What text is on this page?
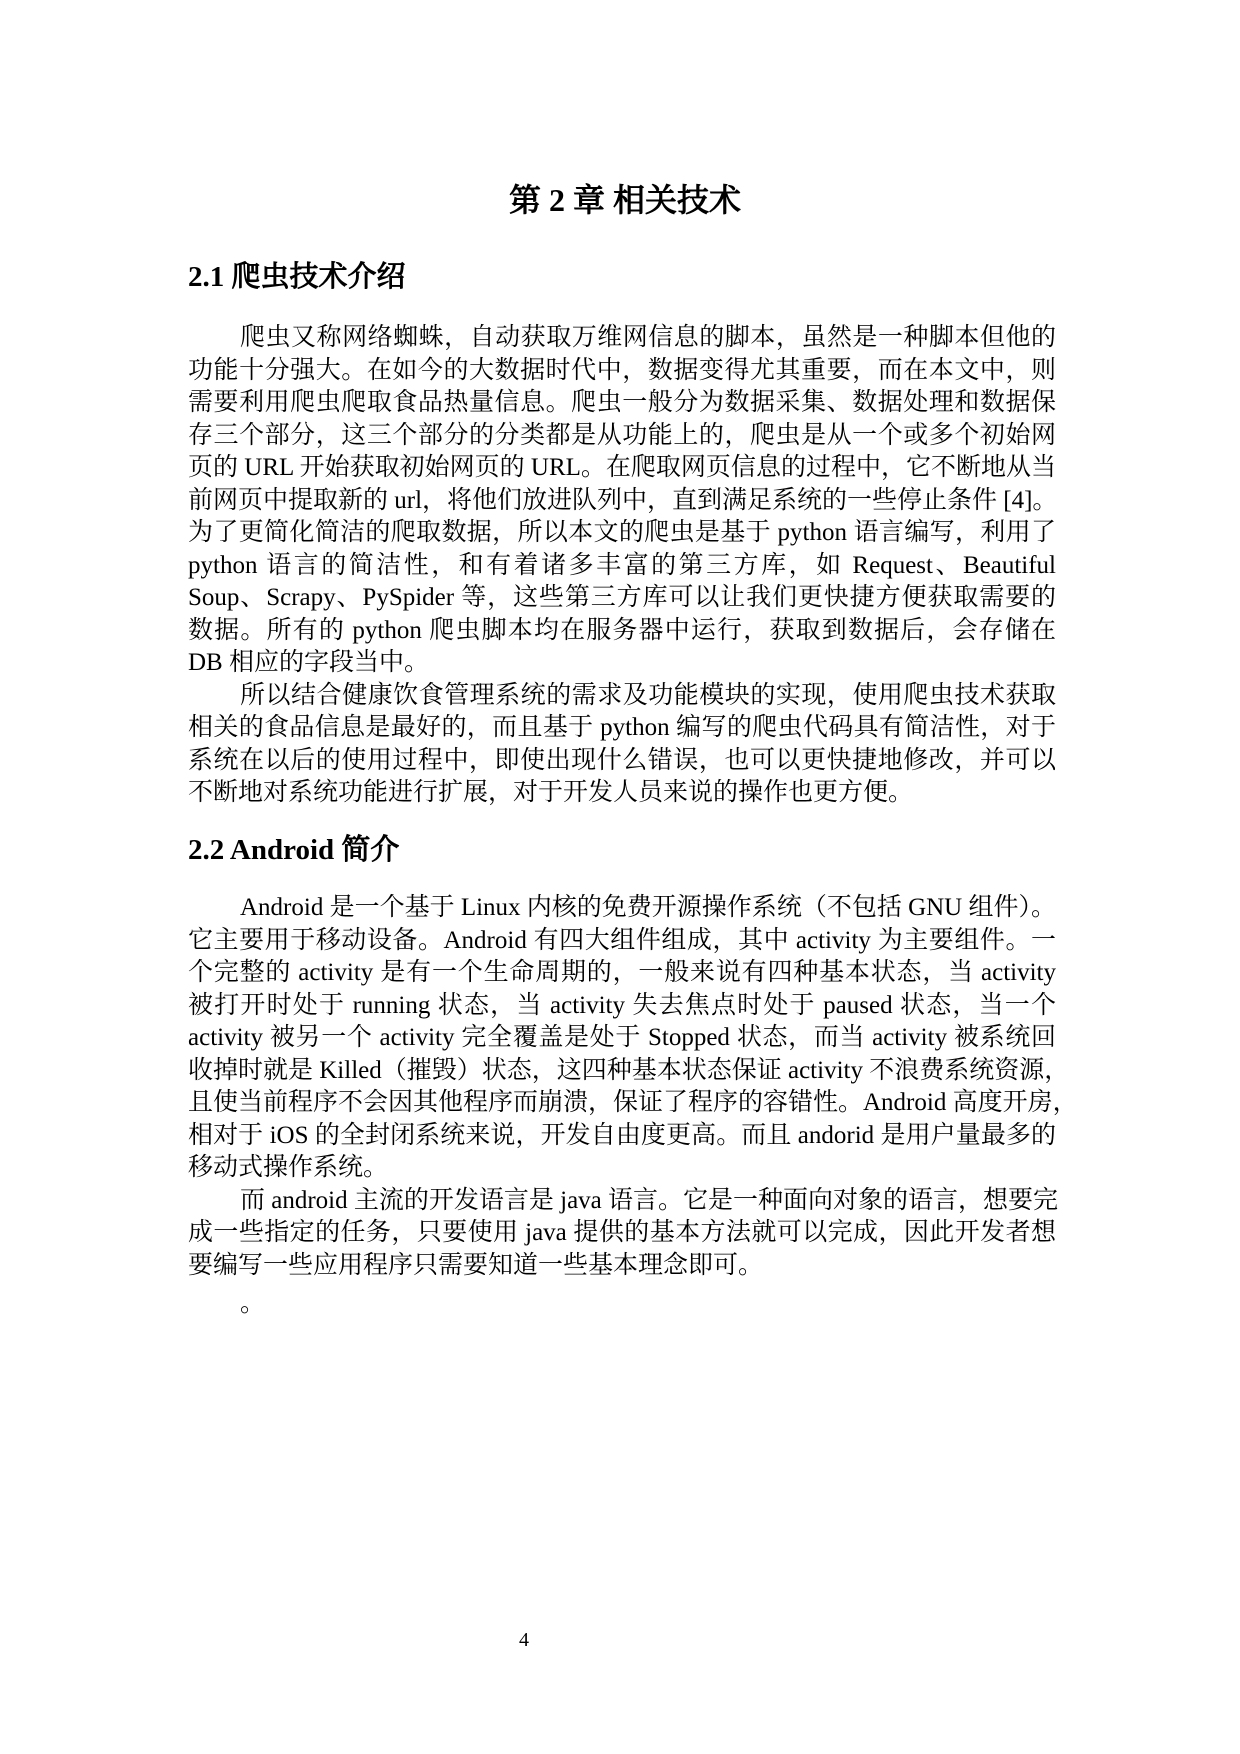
第 2 章 相关技术
2.1 爬虫技术介绍
爬虫又称网络蜘蛛，自动获取万维网信息的脚本，虽然是一种脚本但他的
功能十分强大。在如今的大数据时代中，数据变得尤其重要，而在本文中，则
需要利用爬虫爬取食品热量信息。爬虫一般分为数据采集、数据处理和数据保
存三个部分，这三个部分的分类都是从功能上的，爬虫是从一个或多个初始网
页的 URL 开始获取初始网页的 URL。在爬取网页信息的过程中，它不断地从当
前网页中提取新的 url，将他们放进队列中，直到满足系统的一些停止条件 [4]。
为了更简化简洁的爬取数据，所以本文的爬虫是基于 python 语言编写，利用了
python 语言的简洁性，和有着诸多丰富的第三方库，如 Request、Beautiful
Soup、Scrapy、PySpider 等，这些第三方库可以让我们更快捷方便获取需要的
数据。所有的 python 爬虫脚本均在服务器中运行，获取到数据后，会存储在
DB 相应的字段当中。
所以结合健康饮食管理系统的需求及功能模块的实现，使用爬虫技术获取
相关的食品信息是最好的，而且基于 python 编写的爬虫代码具有简洁性，对于
系统在以后的使用过程中，即使出现什么错误，也可以更快捷地修改，并可以
不断地对系统功能进行扩展，对于开发人员来说的操作也更方便。
2.2 Android 简介
Android 是一个基于 Linux 内核的免费开源操作系统（不包括 GNU 组件）。
它主要用于移动设备。Android 有四大组件组成，其中 activity 为主要组件。一
个完整的 activity 是有一个生命周期的，一般来说有四种基本状态，当 activity
被打开时处于 running 状态，当 activity 失去焦点时处于 paused 状态，当一个
activity 被另一个 activity 完全覆盖是处于 Stopped 状态，而当 activity 被系统回
收掉时就是 Killed（摧毁）状态，这四种基本状态保证 activity 不浪费系统资源，
且使当前程序不会因其他程序而崩溃，保证了程序的容错性。Android 高度开房，
相对于 iOS 的全封闭系统来说，开发自由度更高。而且 andorid 是用户量最多的
移动式操作系统。
而 android 主流的开发语言是 java 语言。它是一种面向对象的语言，想要完
成一些指定的任务，只要使用 java 提供的基本方法就可以完成，因此开发者想
要编写一些应用程序只需要知道一些基本理念即可。
。
4
